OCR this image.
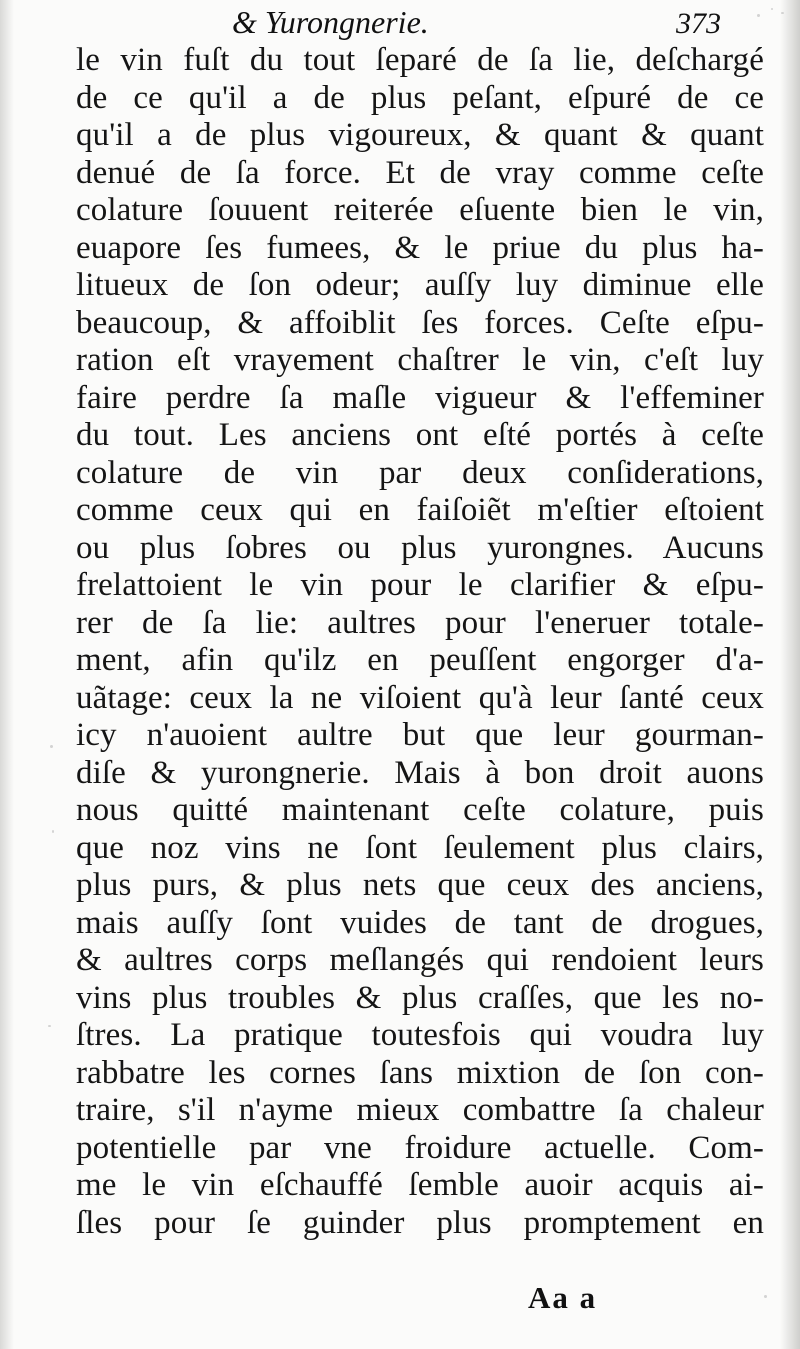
& Yurongnerie.	373
le vin fuſt du tout ſeparé de ſa lie, deſchargé
de ce qu'il a de plus peſant, eſpuré de ce
qu'il a de plus vigoureux, & quant & quant
denué de ſa force. Et de vray comme ceſte
colature ſouuent reiterée eſuente bien le vin,
euapore ſes fumees, & le priue du plus ha-
litueux de ſon odeur; auſſy luy diminue elle
beaucoup, & affoiblit ſes forces. Ceſte eſpu-
ration eſt vrayement chaſtrer le vin, c'eſt luy
faire perdre ſa maſle vigueur & l'effeminer
du tout. Les anciens ont eſté portés à ceſte
colature de vin par deux conſiderations,
comme ceux qui en faiſoiẽt m'eſtier eſtoient
ou plus ſobres ou plus yurongnes. Aucuns
frelattoient le vin pour le clarifier & eſpu-
rer de ſa lie: aultres pour l'eneruer totale-
ment, afin qu'ilz en peuſſent engorger d'a-
uãtage: ceux la ne viſoient qu'à leur ſanté ceux
icy n'auoient aultre but que leur gourman-
diſe & yurongnerie. Mais à bon droit auons
nous quitté maintenant ceſte colature, puis
que noz vins ne ſont ſeulement plus clairs,
plus purs, & plus nets que ceux des anciens,
mais auſſy ſont vuides de tant de drogues,
& aultres corps meſlangés qui rendoient leurs
vins plus troubles & plus craſſes, que les no-
ſtres. La pratique toutesfois qui voudra luy
rabbatre les cornes ſans mixtion de ſon con-
traire, s'il n'ayme mieux combattre ſa chaleur
potentielle par vne froidure actuelle. Com-
me le vin eſchauffé ſemble auoir acquis ai-
ſles pour ſe guinder plus promptement en
Aa a
